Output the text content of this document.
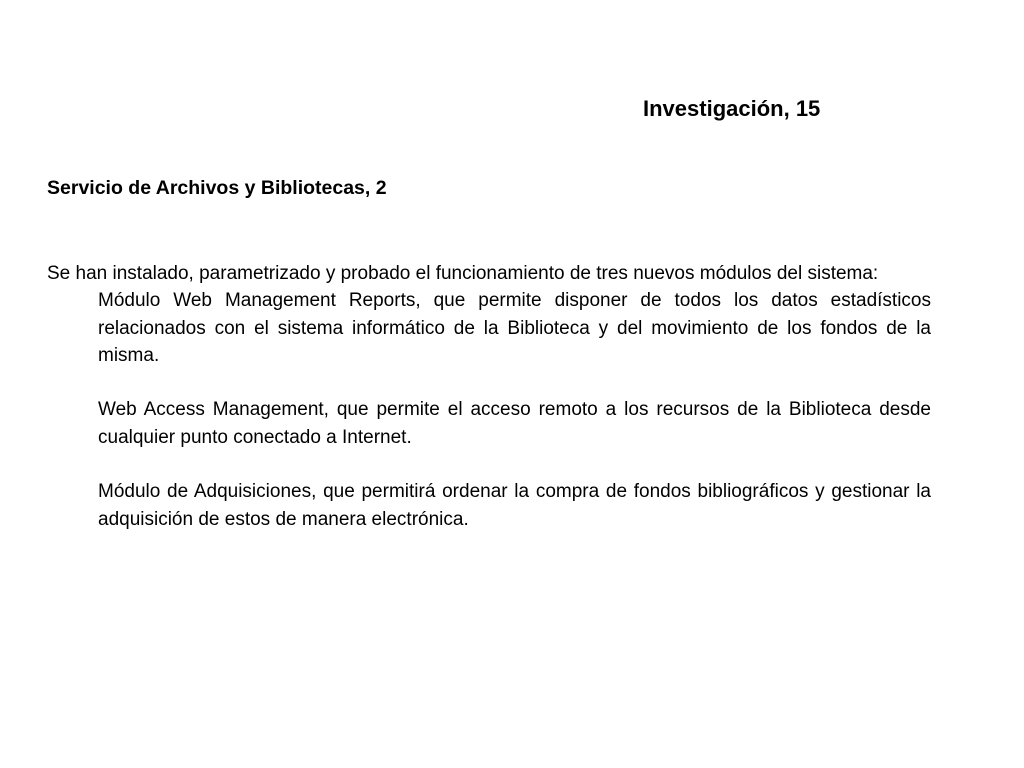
Investigación, 15
Servicio de Archivos y Bibliotecas, 2

Se han instalado, parametrizado y probado el funcionamiento de tres nuevos módulos del sistema:

Módulo Web Management Reports, que permite disponer de todos los datos estadísticos relacionados con el sistema informático de la Biblioteca y del movimiento de los fondos de la misma.
Web Access Management, que permite el acceso remoto a los recursos de la Biblioteca desde cualquier punto conectado a Internet.
Módulo de Adquisiciones, que permitirá ordenar la compra de fondos bibliográficos y gestionar la adquisición de estos de manera electrónica.
